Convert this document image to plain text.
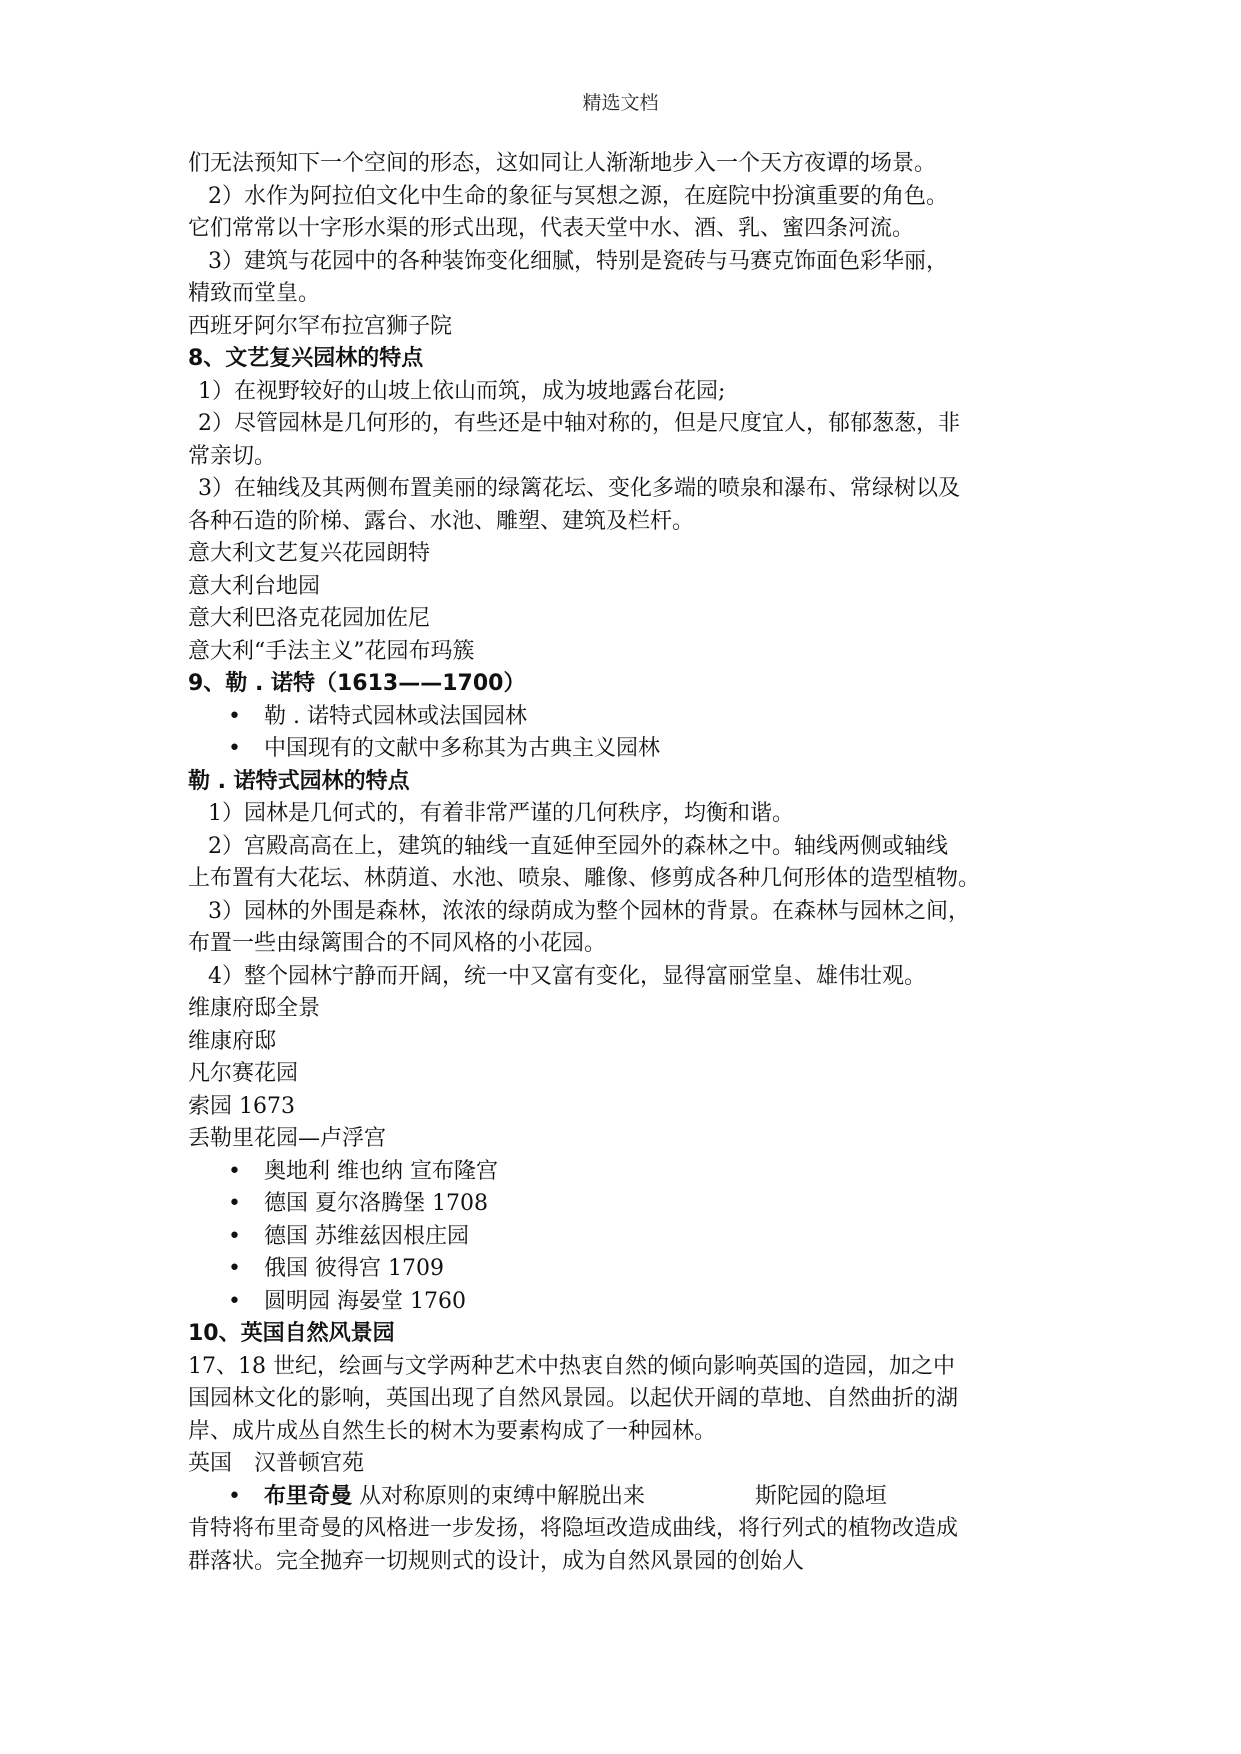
精选文档
们无法预知下一个空间的形态，这如同让人渐渐地步入一个天方夜谭的场景。
2）水作为阿拉伯文化中生命的象征与冥想之源，在庭院中扮演重要的角色。
它们常常以十字形水渠的形式出现，代表天堂中水、酒、乳、蜜四条河流。
3）建筑与花园中的各种装饰变化细腻，特别是瓷砖与马赛克饰面色彩华丽，
精致而堂皇。
西班牙阿尔罕布拉宫狮子院
8、文艺复兴园林的特点
1）在视野较好的山坡上依山而筑，成为坡地露台花园;
2）尽管园林是几何形的，有些还是中轴对称的，但是尺度宜人，郁郁葱葱，非
常亲切。
3）在轴线及其两侧布置美丽的绿篱花坛、变化多端的喷泉和瀑布、常绿树以及
各种石造的阶梯、露台、水池、雕塑、建筑及栏杆。
意大利文艺复兴花园朗特
意大利台地园
意大利巴洛克花园加佐尼
意大利“手法主义”花园布玛簇
9、勒 . 诺特（1613——1700）
• 勒 . 诺特式园林或法国园林
• 中国现有的文献中多称其为古典主义园林
勒 . 诺特式园林的特点
1）园林是几何式的，有着非常严谨的几何秩序，均衡和谐。
2）宫殿高高在上，建筑的轴线一直延伸至园外的森林之中。轴线两侧或轴线
上布置有大花坛、林荫道、水池、喷泉、雕像、修剪成各种几何形体的造型植物。
3）园林的外围是森林，浓浓的绿荫成为整个园林的背景。在森林与园林之间，
布置一些由绿篱围合的不同风格的小花园。
4）整个园林宁静而开阔，统一中又富有变化，显得富丽堂皇、雄伟壮观。
维康府邸全景
维康府邸
凡尔赛花园
索园 1673
丢勒里花园—卢浮宫
• 奥地利 维也纳 宣布隆宫
• 德国 夏尔洛腾堡 1708
• 德国 苏维兹因根庄园
• 俄国 彼得宫 1709
• 圆明园 海晏堂 1760
10、英国自然风景园
17、18 世纪，绘画与文学两种艺术中热衷自然的倾向影响英国的造园，加之中
国园林文化的影响，英国出现了自然风景园。以起伏开阔的草地、自然曲折的湖
岸、成片成丛自然生长的树木为要素构成了一种园林。
英国　汉普顿宫苑
• 布里奇曼 从对称原则的束缚中解脱出来	斯陀园的隐垣
肯特将布里奇曼的风格进一步发扬，将隐垣改造成曲线，将行列式的植物改造成
群落状。完全抛弃一切规则式的设计，成为自然风景园的创始人
